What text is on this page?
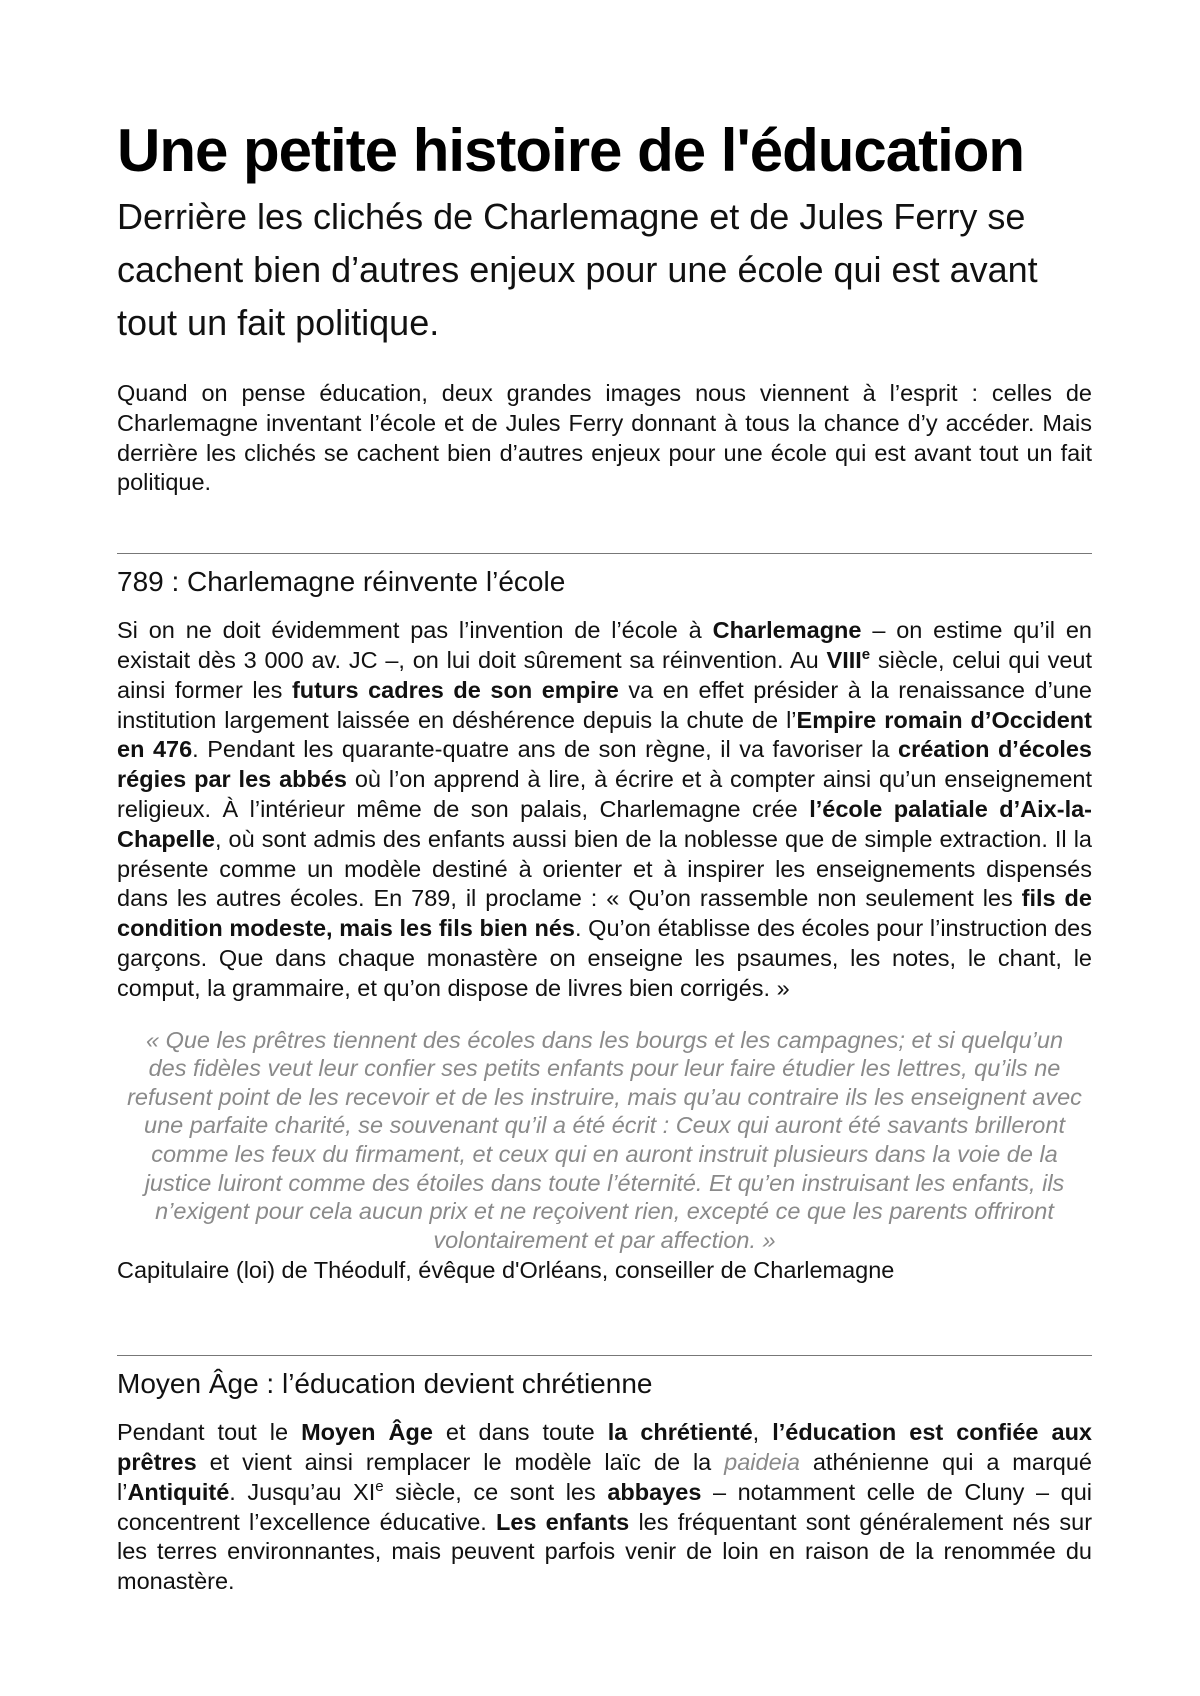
Une petite histoire de l'éducation
Derrière les clichés de Charlemagne et de Jules Ferry se cachent bien d’autres enjeux pour une école qui est avant tout un fait politique.

Quand on pense éducation, deux grandes images nous viennent à l’esprit : celles de Charlemagne inventant l’école et de Jules Ferry donnant à tous la chance d’y accéder. Mais derrière les clichés se cachent bien d’autres enjeux pour une école qui est avant tout un fait politique.

789 : Charlemagne réinvente l’école

Si on ne doit évidemment pas l’invention de l’école à Charlemagne – on estime qu’il en existait dès 3 000 av. JC –, on lui doit sûrement sa réinvention. Au VIIIe siècle, celui qui veut ainsi former les futurs cadres de son empire va en effet présider à la renaissance d’une institution largement laissée en déshérence depuis la chute de l’Empire romain d’Occident en 476. Pendant les quarante-quatre ans de son règne, il va favoriser la création d’écoles régies par les abbés où l’on apprend à lire, à écrire et à compter ainsi qu’un enseignement religieux. À l’intérieur même de son palais, Charlemagne crée l’école palatiale d’Aix-la-Chapelle, où sont admis des enfants aussi bien de la noblesse que de simple extraction. Il la présente comme un modèle destiné à orienter et à inspirer les enseignements dispensés dans les autres écoles. En 789, il proclame : « Qu’on rassemble non seulement les fils de condition modeste, mais les fils bien nés. Qu’on établisse des écoles pour l’instruction des garçons. Que dans chaque monastère on enseigne les psaumes, les notes, le chant, le comput, la grammaire, et qu’on dispose de livres bien corrigés. »

« Que les prêtres tiennent des écoles dans les bourgs et les campagnes; et si quelqu’un des fidèles veut leur confier ses petits enfants pour leur faire étudier les lettres, qu’ils ne refusent point de les recevoir et de les instruire, mais qu’au contraire ils les enseignent avec une parfaite charité, se souvenant qu’il a été écrit : Ceux qui auront été savants brilleront comme les feux du firmament, et ceux qui en auront instruit plusieurs dans la voie de la justice luiront comme des étoiles dans toute l’éternité. Et qu’en instruisant les enfants, ils n’exigent pour cela aucun prix et ne reçoivent rien, excepté ce que les parents offriront volontairement et par affection. »
Capitulaire (loi) de Théodulf, évêque d'Orléans, conseiller de Charlemagne
Moyen Âge : l’éducation devient chrétienne

Pendant tout le Moyen Âge et dans toute la chrétienté, l’éducation est confiée aux prêtres et vient ainsi remplacer le modèle laïc de la paideia athénienne qui a marqué l’Antiquité. Jusqu’au XIe siècle, ce sont les abbayes – notamment celle de Cluny – qui concentrent l’excellence éducative. Les enfants les fréquentant sont généralement nés sur les terres environnantes, mais peuvent parfois venir de loin en raison de la renommée du monastère.
